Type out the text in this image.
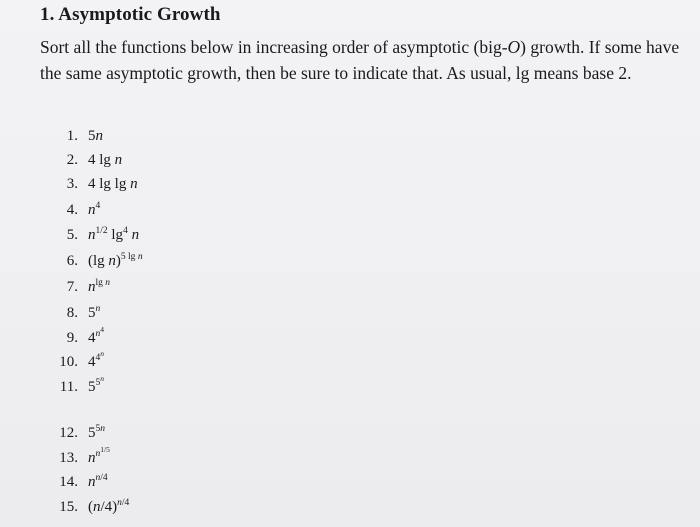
1. Asymptotic Growth
Sort all the functions below in increasing order of asymptotic (big-O) growth. If some have the same asymptotic growth, then be sure to indicate that. As usual, lg means base 2.
1. 5n
2. 4 lg n
3. 4 lg lg n
4. $n^4$
5. $n^{1/2}$ $\lg^4 n$
6. (lg n)$^{5 lg n}$
7. $n^{lg n}$
8. 5$^n$
9. $4^{n^4}$
10. $4^{4^n}$
11. $5^{5^n}$
12. $5^{5n}$
13. $n^{n^{1/5}}$
14. $n^{n/4}$
15. $(n/4)^{n/4}$
